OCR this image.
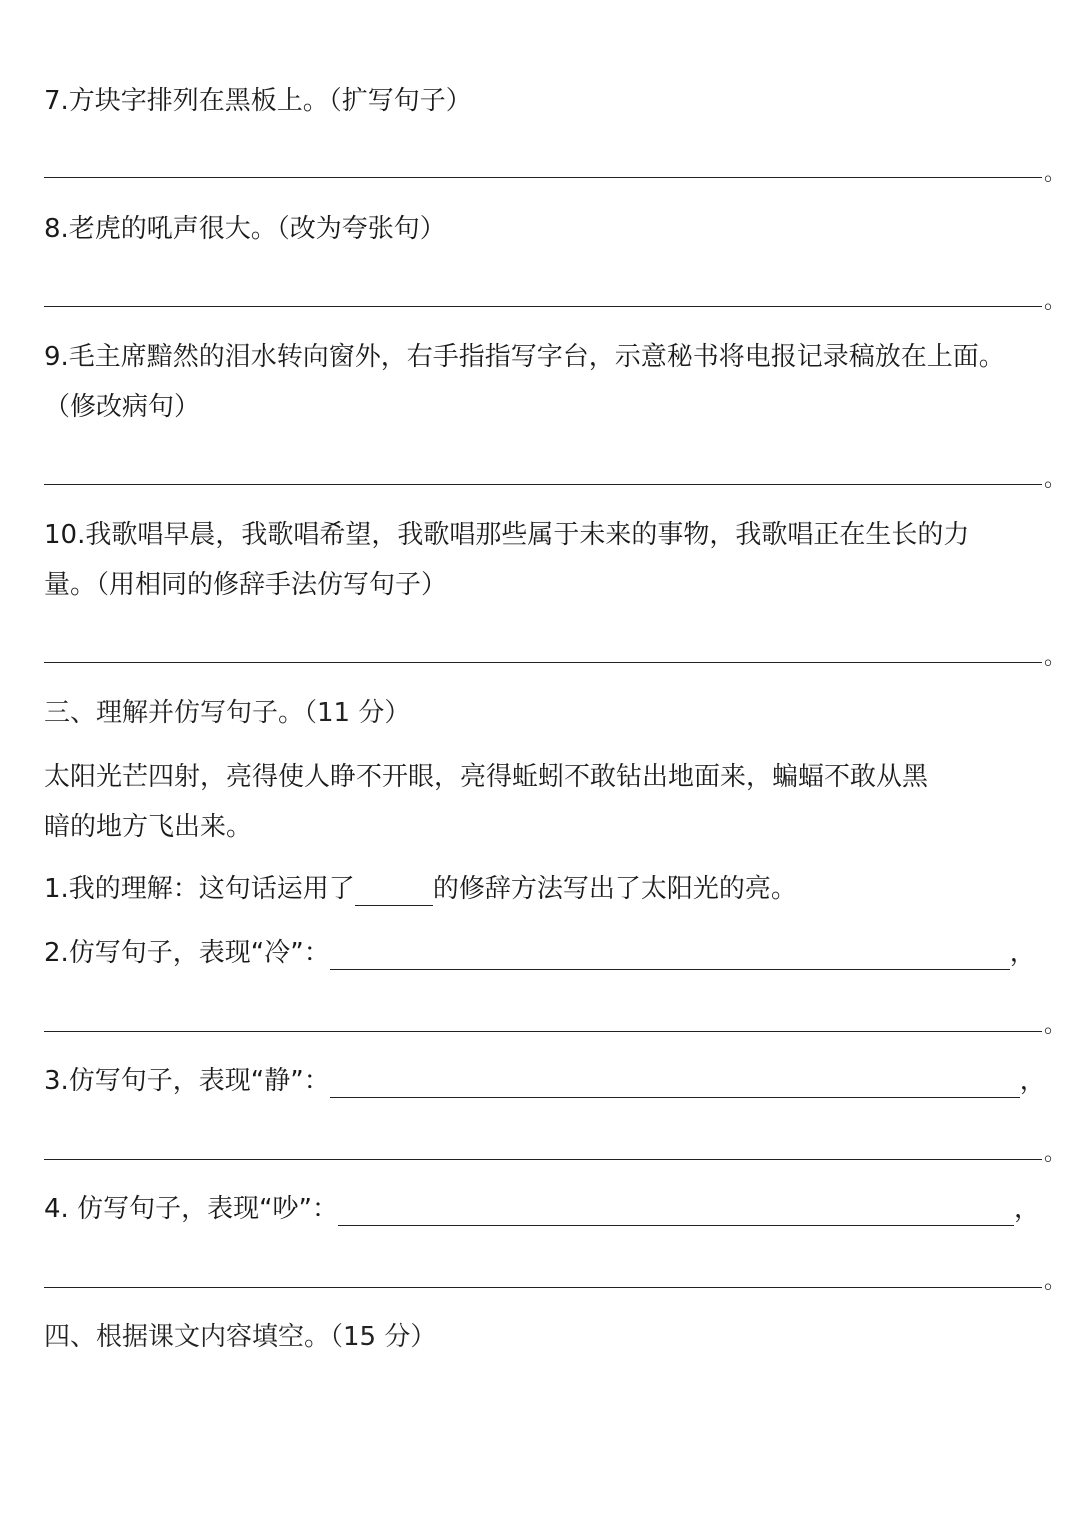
7.方块字排列在黑板上。（扩写句子）
。
8.老虎的吼声很大。（改为夸张句）
。
9.毛主席黯然的泪水转向窗外，右手指指写字台，示意秘书将电报记录稿放在上面。
（修改病句）
。
10.我歌唱早晨，我歌唱希望，我歌唱那些属于未来的事物，我歌唱正在生长的力
量。（用相同的修辞手法仿写句子）
。
三、理解并仿写句子。（11 分）
太阳光芒四射，亮得使人睁不开眼，亮得蚯蚓不敢钻出地面来，蝙蝠不敢从黑
暗的地方飞出来。
1.我的理解：这句话运用了	的修辞方法写出了太阳光的亮。
2.仿写句子，表现“冷”：	，
。
3.仿写句子，表现“静”：	，
。
4. 仿写句子，表现“吵”：	，
。
四、根据课文内容填空。（15 分）
